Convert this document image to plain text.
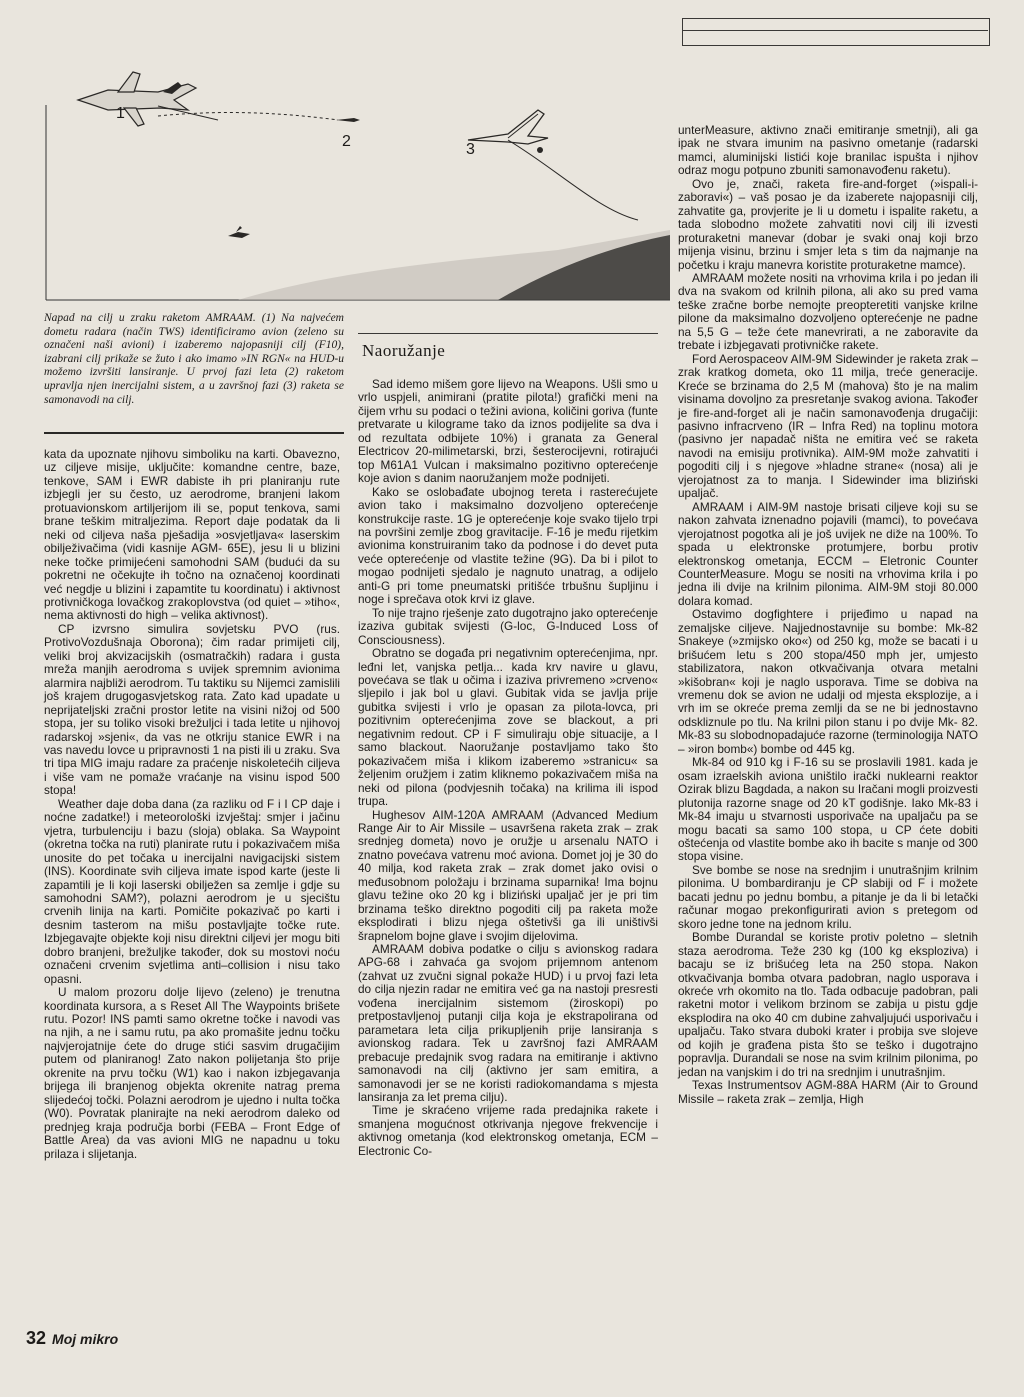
1
2	3

Napad na cilj u zraku raketom AMRAAM. (1) Na najvećem dometu radara (način TWS) identificiramo avion (zeleno su označeni naši avioni) i izaberemo najopasniji cilj (F10), izabrani cilj prikaže se žuto i ako imamo »IN RGN« na HUD-u možemo izvršiti lansiranje. U prvoj fazi leta (2) raketom upravlja njen inercijalni sistem, a u završnoj fazi (3) raketa se samonavodi na cilj.

Naoružanje

kata da upoznate njihovu simboliku na karti. Obavezno, uz ciljeve misije, uključite: komandne centre, baze, tenkove, SAM i EWR dabiste ih pri planiranju rute izbjegli jer su često, uz aerodrome, branjeni lakom protuavionskom artiljerijom ili se, poput tenkova, sami brane teškim mitraljezima. Report daje podatak da li neki od ciljeva naša pješadija »osvjetljava« laserskim obilježivačima (vidi kasnije AGM- 65E), jesu li u blizini neke točke primijećeni samohodni SAM (budući da su pokretni ne očekujte ih točno na označenoj koordinati već negdje u blizini i zapamtite tu koordinatu) i aktivnost protivničkoga lovačkog zrakoplovstva (od quiet – »tiho«, nema aktivnosti do high – velika aktivnost).

CP izvrsno simulira sovjetsku PVO (rus. ProtivoVozdušnaja Oborona); čim radar primijeti cilj, veliki broj akvizacijskih (osmatračkih) radara i gusta mreža manjih aerodroma s uvijek spremnim avionima alarmira najbliži aerodrom. Tu taktiku su Nijemci zamislili još krajem drugogasvjetskog rata. Zato kad upadate u neprijateljski zračni prostor letite na visini nižoj od 500 stopa, jer su toliko visoki brežuljci i tada letite u njihovoj radarskoj »sjeni«, da vas ne otkriju stanice EWR i na vas navedu lovce u pripravnosti 1 na pisti ili u zraku. Sva tri tipa MIG imaju radare za praćenje niskoletećih ciljeva i više vam ne pomaže vraćanje na visinu ispod 500 stopa!

Weather daje doba dana (za razliku od F i I CP daje i noćne zadatke!) i meteorološki izvještaj: smjer i jačinu vjetra, turbulenciju i bazu (sloja) oblaka. Sa Waypoint (okretna točka na ruti) planirate rutu i pokazivačem miša unosite do pet točaka u inercijalni navigacijski sistem (INS). Koordinate svih ciljeva imate ispod karte (jeste li zapamtili je li koji laserski obilježen sa zemlje i gdje su samohodni SAM?), polazni aerodrom je u sjecištu crvenih linija na karti. Pomičite pokazivač po karti i desnim tasterom na mišu postavljajte točke rute. Izbjegavajte objekte koji nisu direktni ciljevi jer mogu biti dobro branjeni, brežuljke također, dok su mostovi noću označeni crvenim svjetlima anti–collision i nisu tako opasni.

U malom prozoru dolje lijevo (zeleno) je trenutna koordinata kursora, a s Reset All The Waypoints brišete rutu. Pozor! INS pamti samo okretne točke i navodi vas na njih, a ne i samu rutu, pa ako promašite jednu točku najvjerojatnije ćete do druge stići sasvim drugačijim putem od planiranog! Zato nakon polijetanja što prije okrenite na prvu točku (W1) kao i nakon izbjegavanja brijega ili branjenog objekta okrenite natrag prema slijedećoj točki. Polazni aerodrom je ujedno i nulta točka (W0). Povratak planirajte na neki aerodrom daleko od prednjeg kraja područja borbi (FEBA – Front Edge of Battle Area) da vas avioni MIG ne napadnu u toku prilaza i slijetanja.

Sad idemo mišem gore lijevo na Weapons. Ušli smo u vrlo uspjeli, animirani (pratite pilota!) grafički meni na čijem vrhu su podaci o težini aviona, količini goriva (funte pretvarate u kilograme tako da iznos podijelite sa dva i od rezultata odbijete 10%) i granata za General Electricov 20-milimetarski, brzi, šesterocijevni, rotirajući top M61A1 Vulcan i maksimalno pozitivno opterećenje koje avion s danim naoružanjem može podnijeti.

Kako se oslobađate ubojnog tereta i rasterećujete avion tako i maksimalno dozvoljeno opterećenje konstrukcije raste. 1G je opterećenje koje svako tijelo trpi na površini zemlje zbog gravitacije. F-16 je među rijetkim avionima konstruiranim tako da podnose i do devet puta veće opterećenje od vlastite težine (9G). Da bi i pilot to mogao podnijeti sjedalo je nagnuto unatrag, a odijelo anti-G pri tome pneumatski pritišće trbušnu šupljinu i noge i sprečava otok krvi iz glave.

To nije trajno rješenje zato dugotrajno jako opterećenje izaziva gubitak svijesti (G-loc, G-Induced Loss of Consciousness).

Obratno se događa pri negativnim opterećenjima, npr. leđni let, vanjska petlja... kada krv navire u glavu, povećava se tlak u očima i izaziva privremeno »crveno« sljepilo i jak bol u glavi. Gubitak vida se javlja prije gubitka svijesti i vrlo je opasan za pilota-lovca, pri pozitivnim opterećenjima zove se blackout, a pri negativnim redout. CP i F simuliraju obje situacije, a I samo blackout. Naoružanje postavljamo tako što pokazivačem miša i klikom izaberemo »stranicu« sa željenim oružjem i zatim kliknemo pokazivačem miša na neki od pilona (podvjesnih točaka) na krilima ili ispod trupa.

Hughesov AIM-120A AMRAAM (Advanced Medium Range Air to Air Missile – usavršena raketa zrak – zrak srednjeg dometa) novo je oružje u arsenalu NATO i znatno povećava vatrenu moć aviona. Domet joj je 30 do 40 milja, kod raketa zrak – zrak domet jako ovisi o međusobnom položaju i brzinama suparnika! Ima bojnu glavu težine oko 20 kg i bliziński upaljač jer je pri tim brzinama teško direktno pogoditi cilj pa raketa može eksplodirati i blizu njega oštetivši ga ili uništivši šrapnelom bojne glave i svojim dijelovima.

AMRAAM dobiva podatke o cilju s avionskog radara APG-68 i zahvaća ga svojom prijemnom antenom (zahvat uz zvučni signal pokaže HUD) i u prvoj fazi leta do cilja njezin radar ne emitira već ga na nastoji presresti vođena inercijalnim sistemom (žiroskopi) po pretpostavljenoj putanji cilja koja je ekstrapolirana od parametara leta cilja prikupljenih prije lansiranja s avionskog radara. Tek u završnoj fazi AMRAAM prebacuje predajnik svog radara na emitiranje i aktivno samonavodi na cilj (aktivno jer sam emitira, a samonavodi jer se ne koristi radiokomandama s mjesta lansiranja za let prema cilju).

Time je skraćeno vrijeme rada predajnika rakete i smanjena mogućnost otkrivanja njegove frekvencije i aktivnog ometanja (kod elektronskog ometanja, ECM – Electronic Co-

unterMeasure, aktivno znači emitiranje smetnji), ali ga ipak ne stvara imunim na pasivno ometanje (radarski mamci, aluminijski listići koje branilac ispušta i njihov odraz mogu potpuno zbuniti samonavođenu raketu).

Ovo je, znači, raketa fire-and-forget (»ispali-i-zaboravi«) – vaš posao je da izaberete najopasniji cilj, zahvatite ga, provjerite je li u dometu i ispalite raketu, a tada slobodno možete zahvatiti novi cilj ili izvesti proturaketni manevar (dobar je svaki onaj koji brzo mijenja visinu, brzinu i smjer leta s tim da najmanje na početku i kraju manevra koristite proturaketne mamce).

AMRAAM možete nositi na vrhovima krila i po jedan ili dva na svakom od krilnih pilona, ali ako su pred vama teške zračne borbe nemojte preopteretiti vanjske krilne pilone da maksimalno dozvoljeno opterećenje ne padne na 5,5 G – teže ćete manevrirati, a ne zaboravite da trebate i izbjegavati protivničke rakete.

Ford Aerospaceov AIM-9M Sidewinder je raketa zrak – zrak kratkog dometa, oko 11 milja, treće generacije. Kreće se brzinama do 2,5 M (mahova) što je na malim visinama dovoljno za presretanje svakog aviona. Također je fire-and-forget ali je način samonavođenja drugačiji: pasivno infracrveno (IR – Infra Red) na toplinu motora (pasivno jer napadač ništa ne emitira već se raketa navodi na emisiju protivnika). AIM-9M može zahvatiti i pogoditi cilj i s njegove »hladne strane« (nosa) ali je vjerojatnost za to manja. I Sidewinder ima bliziński upaljač.

AMRAAM i AIM-9M nastoje brisati ciljeve koji su se nakon zahvata iznenadno pojavili (mamci), to povećava vjerojatnost pogotka ali je još uvijek ne diže na 100%. To spada u elektronske protumjere, borbu protiv elektronskog ometanja, ECCM – Eletronic Counter CounterMeasure. Mogu se nositi na vrhovima krila i po jedna ili dvije na krilnim pilonima. AIM-9M stoji 80.000 dolara komad.

Ostavimo dogfightere i prijeđimo u napad na zemaljske ciljeve. Najjednostavnije su bombe: Mk-82 Snakeye (»zmijsko oko«) od 250 kg, može se bacati i u brišućem letu s 200 stopa/450 mph jer, umjesto stabilizatora, nakon otkvačivanja otvara metalni »kišobran« koji je naglo usporava. Time se dobiva na vremenu dok se avion ne udalji od mjesta eksplozije, a i vrh im se okreće prema zemlji da se ne bi jednostavno odskliznule po tlu. Na krilni pilon stanu i po dvije Mk- 82. Mk-83 su slobodnopadajuće razorne (terminologija NATO – »iron bomb«) bombe od 445 kg.

Mk-84 od 910 kg i F-16 su se proslavili 1981. kada je osam izraelskih aviona uništilo irački nuklearni reaktor Ozirak blizu Bagdada, a nakon su Iračani mogli proizvesti plutonija razorne snage od 20 kT godišnje. Iako Mk-83 i Mk-84 imaju u stvarnosti usporivače na upaljaču pa se mogu bacati sa samo 100 stopa, u CP ćete dobiti oštećenja od vlastite bombe ako ih bacite s manje od 300 stopa visine.

Sve bombe se nose na srednjim i unutrašnjim krilnim pilonima. U bombardiranju je CP slabiji od F i možete bacati jednu po jednu bombu, a pitanje je da li bi letački računar mogao prekonfigurirati avion s pretegom od skoro jedne tone na jednom krilu.

Bombe Durandal se koriste protiv poletno – sletnih staza aerodroma. Teže 230 kg (100 kg eksploziva) i bacaju se iz brišućeg leta na 250 stopa. Nakon otkvačivanja bomba otvara padobran, naglo usporava i okreće vrh okomito na tlo. Tada odbacuje padobran, pali raketni motor i velikom brzinom se zabija u pistu gdje eksplodira na oko 40 cm dubine zahvaljujući usporivaču i upaljaču. Tako stvara duboki krater i probija sve slojeve od kojih je građena pista što se teško i dugotrajno popravlja. Durandali se nose na svim krilnim pilonima, po jedan na vanjskim i do tri na srednjim i unutrašnjim.

Texas Instrumentsov AGM-88A HARM (Air to Ground Missile – raketa zrak – zemlja, High

32 Moj mikro
